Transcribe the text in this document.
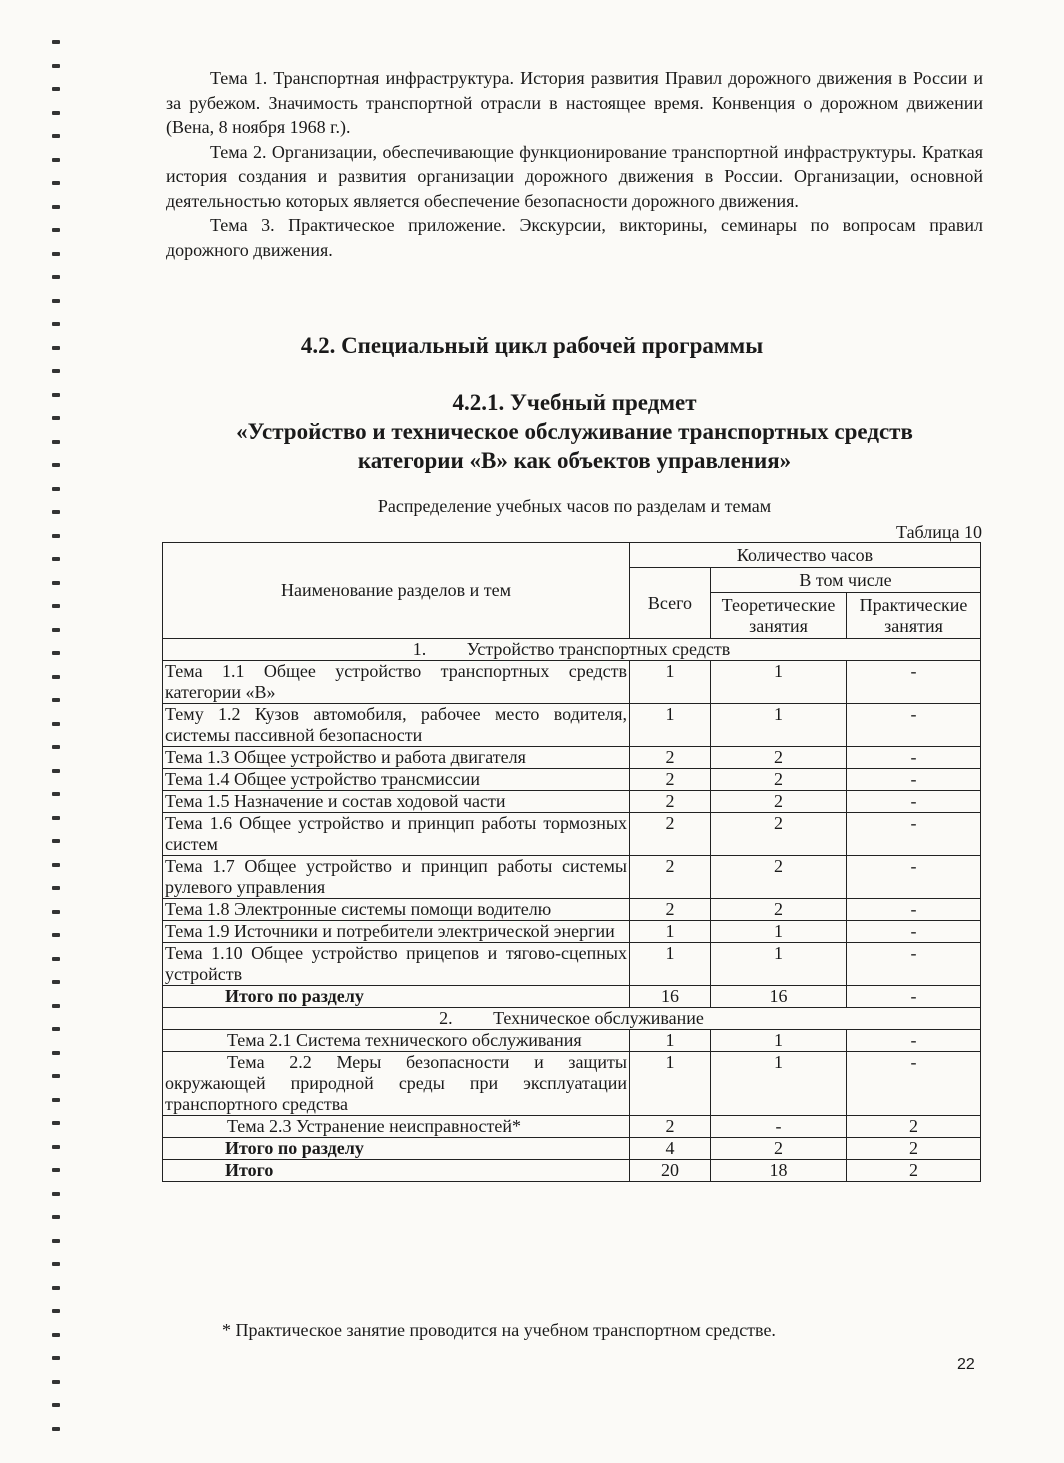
Тема 1. Транспортная инфраструктура. История развития Правил дорожного движения в России и за рубежом. Значимость транспортной отрасли в настоящее время. Конвенция о дорожном движении (Вена, 8 ноября 1968 г.).

Тема 2. Организации, обеспечивающие функционирование транспортной инфраструктуры. Краткая история создания и развития организации дорожного движения в России. Организации, основной деятельностью которых является обеспечение безопасности дорожного движения.

Тема 3. Практическое приложение. Экскурсии, викторины, семинары по вопросам правил дорожного движения.

4.2. Специальный цикл рабочей программы
4.2.1. Учебный предмет
«Устройство и техническое обслуживание транспортных средств
категории «В» как объектов управления»
Распределение учебных часов по разделам и темам
Таблица 10
Наименование разделов и тем	Количество часов		
	Всего	В том числе	
		Теоретические занятия	Практические занятия
1. Устройство транспортных средств			
Тема 1.1 Общее устройство транспортных средств категории «В»	1	1	-
Тему 1.2 Кузов автомобиля, рабочее место водителя, системы пассивной безопасности	1	1	-
Тема 1.3 Общее устройство и работа двигателя	2	2	-
Тема 1.4 Общее устройство трансмиссии	2	2	-
Тема 1.5 Назначение и состав ходовой части	2	2	-
Тема 1.6 Общее устройство и принцип работы тормозных систем	2	2	-
Тема 1.7 Общее устройство и принцип работы системы рулевого управления	2	2	-
Тема 1.8 Электронные системы помощи водителю	2	2	-
Тема 1.9 Источники и потребители электрической энергии	1	1	-
Тема 1.10 Общее устройство прицепов и тягово-сцепных устройств	1	1	-
Итого по разделу	16	16	-
2. Техническое обслуживание			
Тема 2.1 Система технического обслуживания	1	1	-
Тема 2.2 Меры безопасности и защиты окружающей природной среды при эксплуатации транспортного средства	1	1	-
Тема 2.3 Устранение неисправностей*	2	-	2
Итого по разделу	4	2	2
Итого	20	18	2
* Практическое занятие проводится на учебном транспортном средстве.
22
